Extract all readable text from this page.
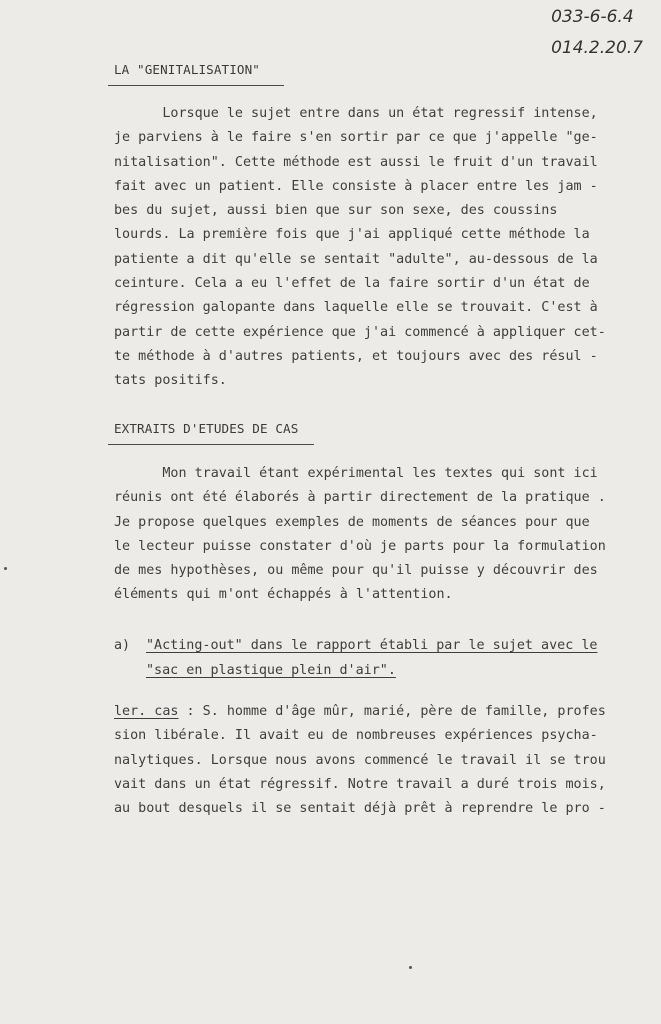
033-6-6.4
014.2.20.7
LA "GENITALISATION"
Lorsque le sujet entre dans un état regressif intense,
je parviens à le faire s'en sortir par ce que j'appelle "ge-
nitalisation". Cette méthode est aussi le fruit d'un travail
fait avec un patient. Elle consiste à placer entre les jam -
bes du sujet, aussi bien que sur son sexe, des coussins
lourds. La première fois que j'ai appliqué cette méthode la
patiente a dit qu'elle se sentait "adulte", au-dessous de la
ceinture. Cela a eu l'effet de la faire sortir d'un état de
régression galopante dans laquelle elle se trouvait. C'est à
partir de cette expérience que j'ai commencé à appliquer cet-
te méthode à d'autres patients, et toujours avec des résul -
tats positifs.
EXTRAITS D'ETUDES DE CAS
Mon travail étant expérimental les textes qui sont ici
réunis ont été élaborés à partir directement de la pratique .
Je propose quelques exemples de moments de séances pour que
le lecteur puisse constater d'où je parts pour la formulation
de mes hypothèses, ou même pour qu'il puisse y découvrir des
éléments qui m'ont échappés à l'attention.
a) "Acting-out" dans le rapport établi par le sujet avec le
"sac en plastique plein d'air".
ler. cas : S. homme d'âge mûr, marié, père de famille, profes
sion libérale. Il avait eu de nombreuses expériences psycha-
nalytiques. Lorsque nous avons commencé le travail il se trou
vait dans un état régressif. Notre travail a duré trois mois,
au bout desquels il se sentait déjà prêt à reprendre le pro -
